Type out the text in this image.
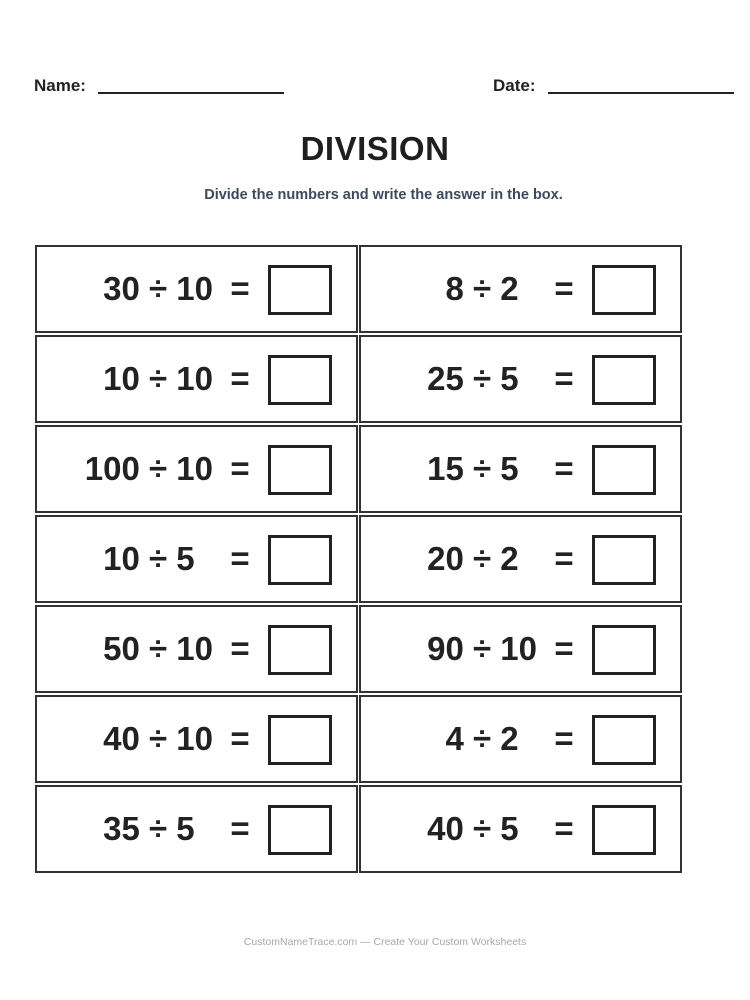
Name:	Date:
DIVISION
Divide the numbers and write the answer in the box.
30 ÷ 10 =	8 ÷ 2 =
10 ÷ 10 =	25 ÷ 5 =
100 ÷ 10 =	15 ÷ 5 =
10 ÷ 5 =	20 ÷ 2 =
50 ÷ 10 =	90 ÷ 10 =
40 ÷ 10 =	4 ÷ 2 =
35 ÷ 5 =	40 ÷ 5 =
CustomNameTrace.com — Create Your Custom Worksheets
